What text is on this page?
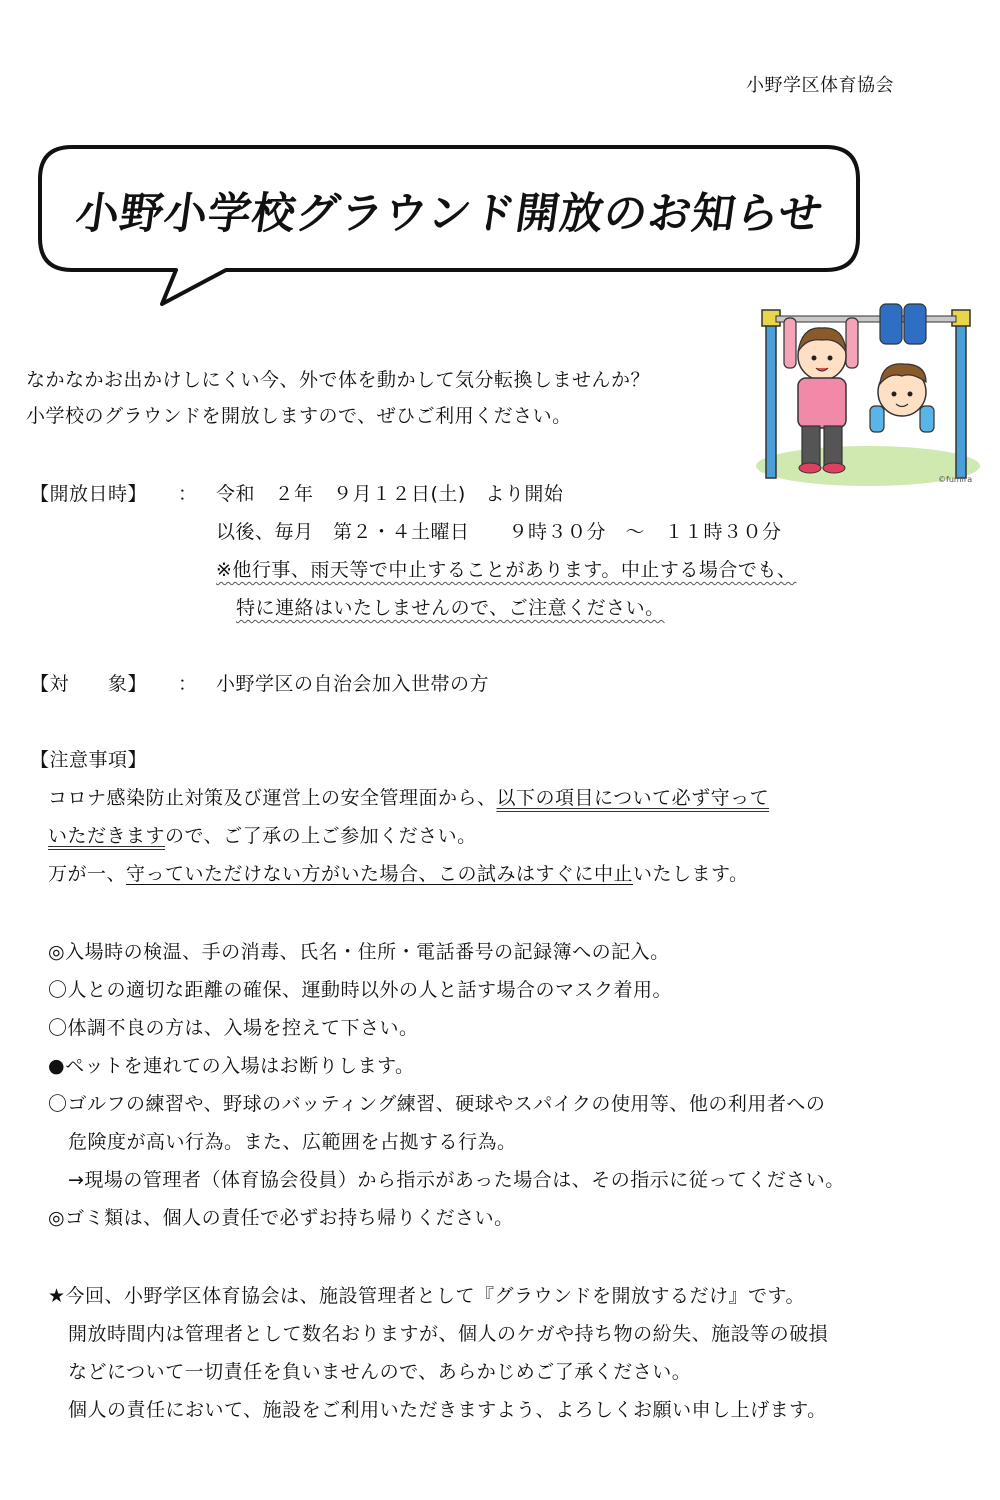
小野学区体育協会
小野小学校グラウンド開放のお知らせ
©fumira
なかなかお出かけしにくい今、外で体を動かして気分転換しませんか？
小学校のグラウンドを開放しますので、ぜひご利用ください。
【開放日時】 ： 令和　２年　９月１２日(土)　より開始
以後、毎月　第２・４土曜日　　９時３０分　～　１１時３０分
※他行事、雨天等で中止することがあります。中止する場合でも、
特に連絡はいたしませんので、ご注意ください。
【対　　象】 ： 小野学区の自治会加入世帯の方
【注意事項】
コロナ感染防止対策及び運営上の安全管理面から、以下の項目について必ず守って
いただきますので、ご了承の上ご参加ください。
万が一、守っていただけない方がいた場合、この試みはすぐに中止いたします。
◎入場時の検温、手の消毒、氏名・住所・電話番号の記録簿への記入。
〇人との適切な距離の確保、運動時以外の人と話す場合のマスク着用。
〇体調不良の方は、入場を控えて下さい。
●ペットを連れての入場はお断りします。
〇ゴルフの練習や、野球のバッティング練習、硬球やスパイクの使用等、他の利用者への
危険度が高い行為。また、広範囲を占拠する行為。
→現場の管理者（体育協会役員）から指示があった場合は、その指示に従ってください。
◎ゴミ類は、個人の責任で必ずお持ち帰りください。
★今回、小野学区体育協会は、施設管理者として『グラウンドを開放するだけ』です。
開放時間内は管理者として数名おりますが、個人のケガや持ち物の紛失、施設等の破損
などについて一切責任を負いませんので、あらかじめご了承ください。
個人の責任において、施設をご利用いただきますよう、よろしくお願い申し上げます。
